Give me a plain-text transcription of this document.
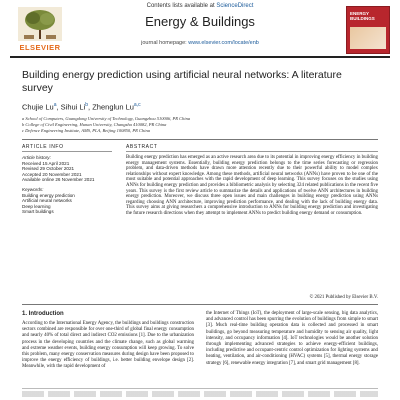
Contents lists available at ScienceDirect
ELSEVIER
Energy & Buildings
journal homepage: www.elsevier.com/locate/enb
ENERGY BUILDINGS
Building energy prediction using artificial neural networks: A literature
survey
Chujie Lu$^a$, Sihui Li$^b$, Zhenglun Lu$^{a,c}$
a School of Computers, Guangdong University of Technology, Guangzhou 510006, PR China
b College of Civil Engineering, Hunan University, Changsha 410082, PR China
c Defence Engineering Institute, AMS, PLA, Beijing 100850, PR China
ARTICLE INFO
Article history:
Received 15 April 2021
Revised 29 October 2021
Accepted 20 November 2021
Available online 26 November 2021
Keywords:
Building energy prediction
Artificial neural networks
Deep learning
Smart buildings
ABSTRACT
Building energy prediction has emerged as an active research area due to its potential in improving energy efficiency in building energy management systems. Essentially, building energy prediction belongs to the time series forecasting or regression problem, and data-driven methods have drawn more attention recently due to their powerful ability to model complex relationships without expert knowledge. Among these methods, artificial neural networks (ANNs) have proven to be one of the most suitable and potential approaches with the rapid development of deep learning. This survey focuses on the studies using ANNs for building energy prediction and provides a bibliometric analysis by selecting 324 related publications in the recent five years. This survey is the first review article to summarize the details and applications of twelve ANN architectures in building energy prediction. Moreover, we discuss three open issues and main challenges in building energy prediction using ANNs regarding choosing ANN architecture, improving prediction performance, and dealing with the lack of building energy data. This survey aims at giving researchers a comprehensive introduction to ANNs for building energy prediction and investigating the future research directions when they attempt to implement ANNs to predict building energy demand or consumption.
© 2021 Published by Elsevier B.V.
1. Introduction
According to the International Energy Agency, the buildings and buildings construction sectors combined are responsible for over one-third of global final energy consumption and nearly 40% of total direct and indirect CO2 emissions [1]. Due to the urbanization process in the developing countries and the climate change, such as global warming and extreme weather events, building energy consumption will keep growing. To solve this problem, many energy conservation measures during design have been proposed to improve the energy efficiency of buildings, i.e. better building envelope design [2]. Meanwhile, with the rapid development of
the Internet of Things (IoT), the deployment of large-scale sensing, big data analytics, and advanced control has been spurring the evolution of buildings from simple to smart [3]. Much real-time building operation data is collected and processed in smart buildings, go beyond measuring temperature and humidity to sensing air quality, light intensity, and occupancy information [4]. IoT technologies would be another solution through implementing advanced strategies to achieve energy-efficient buildings, including predictive and occupant-centric control optimization for lighting systems and heating, ventilation, and air-conditioning (HVAC) systems [5], thermal energy storage strategy [6], renewable energy integration [7], and smart grid management [8].
